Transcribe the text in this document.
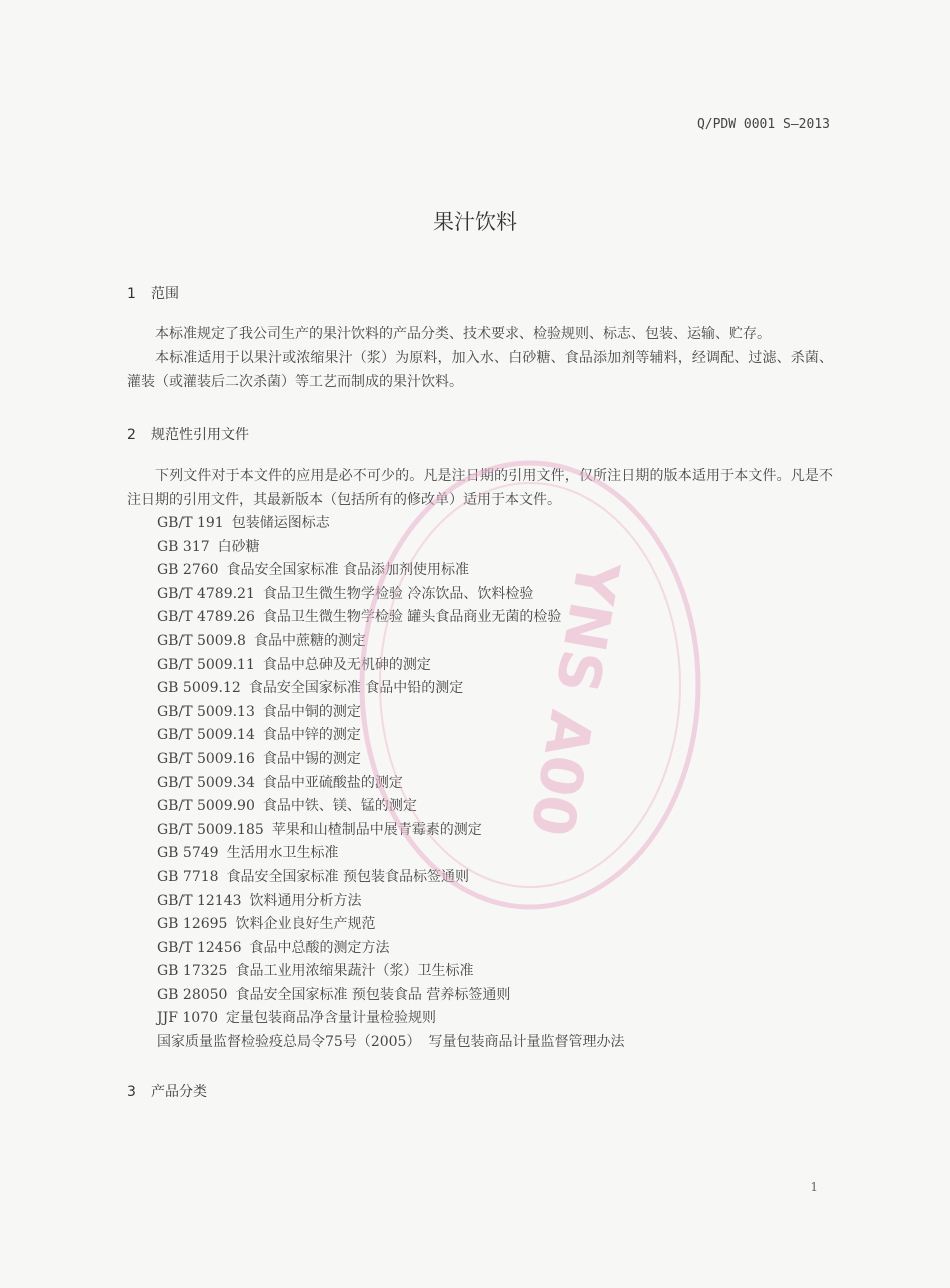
Q/PDW 0001 S—2013
果汁饮料
1 范围
本标准规定了我公司生产的果汁饮料的产品分类、技术要求、检验规则、标志、包装、运输、贮存。
本标准适用于以果汁或浓缩果汁（浆）为原料，加入水、白砂糖、食品添加剂等辅料，经调配、过滤、杀菌、灌装（或灌装后二次杀菌）等工艺而制成的果汁饮料。
2 规范性引用文件
下列文件对于本文件的应用是必不可少的。凡是注日期的引用文件，仅所注日期的版本适用于本文件。凡是不注日期的引用文件，其最新版本（包括所有的修改单）适用于本文件。
GB/T 191 包装储运图标志
GB 317 白砂糖
GB 2760 食品安全国家标准 食品添加剂使用标准
GB/T 4789.21 食品卫生微生物学检验 冷冻饮品、饮料检验
GB/T 4789.26 食品卫生微生物学检验 罐头食品商业无菌的检验
GB/T 5009.8 食品中蔗糖的测定
GB/T 5009.11 食品中总砷及无机砷的测定
GB 5009.12 食品安全国家标准 食品中铅的测定
GB/T 5009.13 食品中铜的测定
GB/T 5009.14 食品中锌的测定
GB/T 5009.16 食品中锡的测定
GB/T 5009.34 食品中亚硫酸盐的测定
GB/T 5009.90 食品中铁、镁、锰的测定
GB/T 5009.185 苹果和山楂制品中展青霉素的测定
GB 5749 生活用水卫生标准
GB 7718 食品安全国家标准 预包装食品标签通则
GB/T 12143 饮料通用分析方法
GB 12695 饮料企业良好生产规范
GB/T 12456 食品中总酸的测定方法
GB 17325 食品工业用浓缩果蔬汁（浆）卫生标准
GB 28050 食品安全国家标准 预包装食品 营养标签通则
JJF 1070 定量包装商品净含量计量检验规则
国家质量监督检验疫总局令75号（2005） 写量包装商品计量监督管理办法
3 产品分类
YNS A00
1
